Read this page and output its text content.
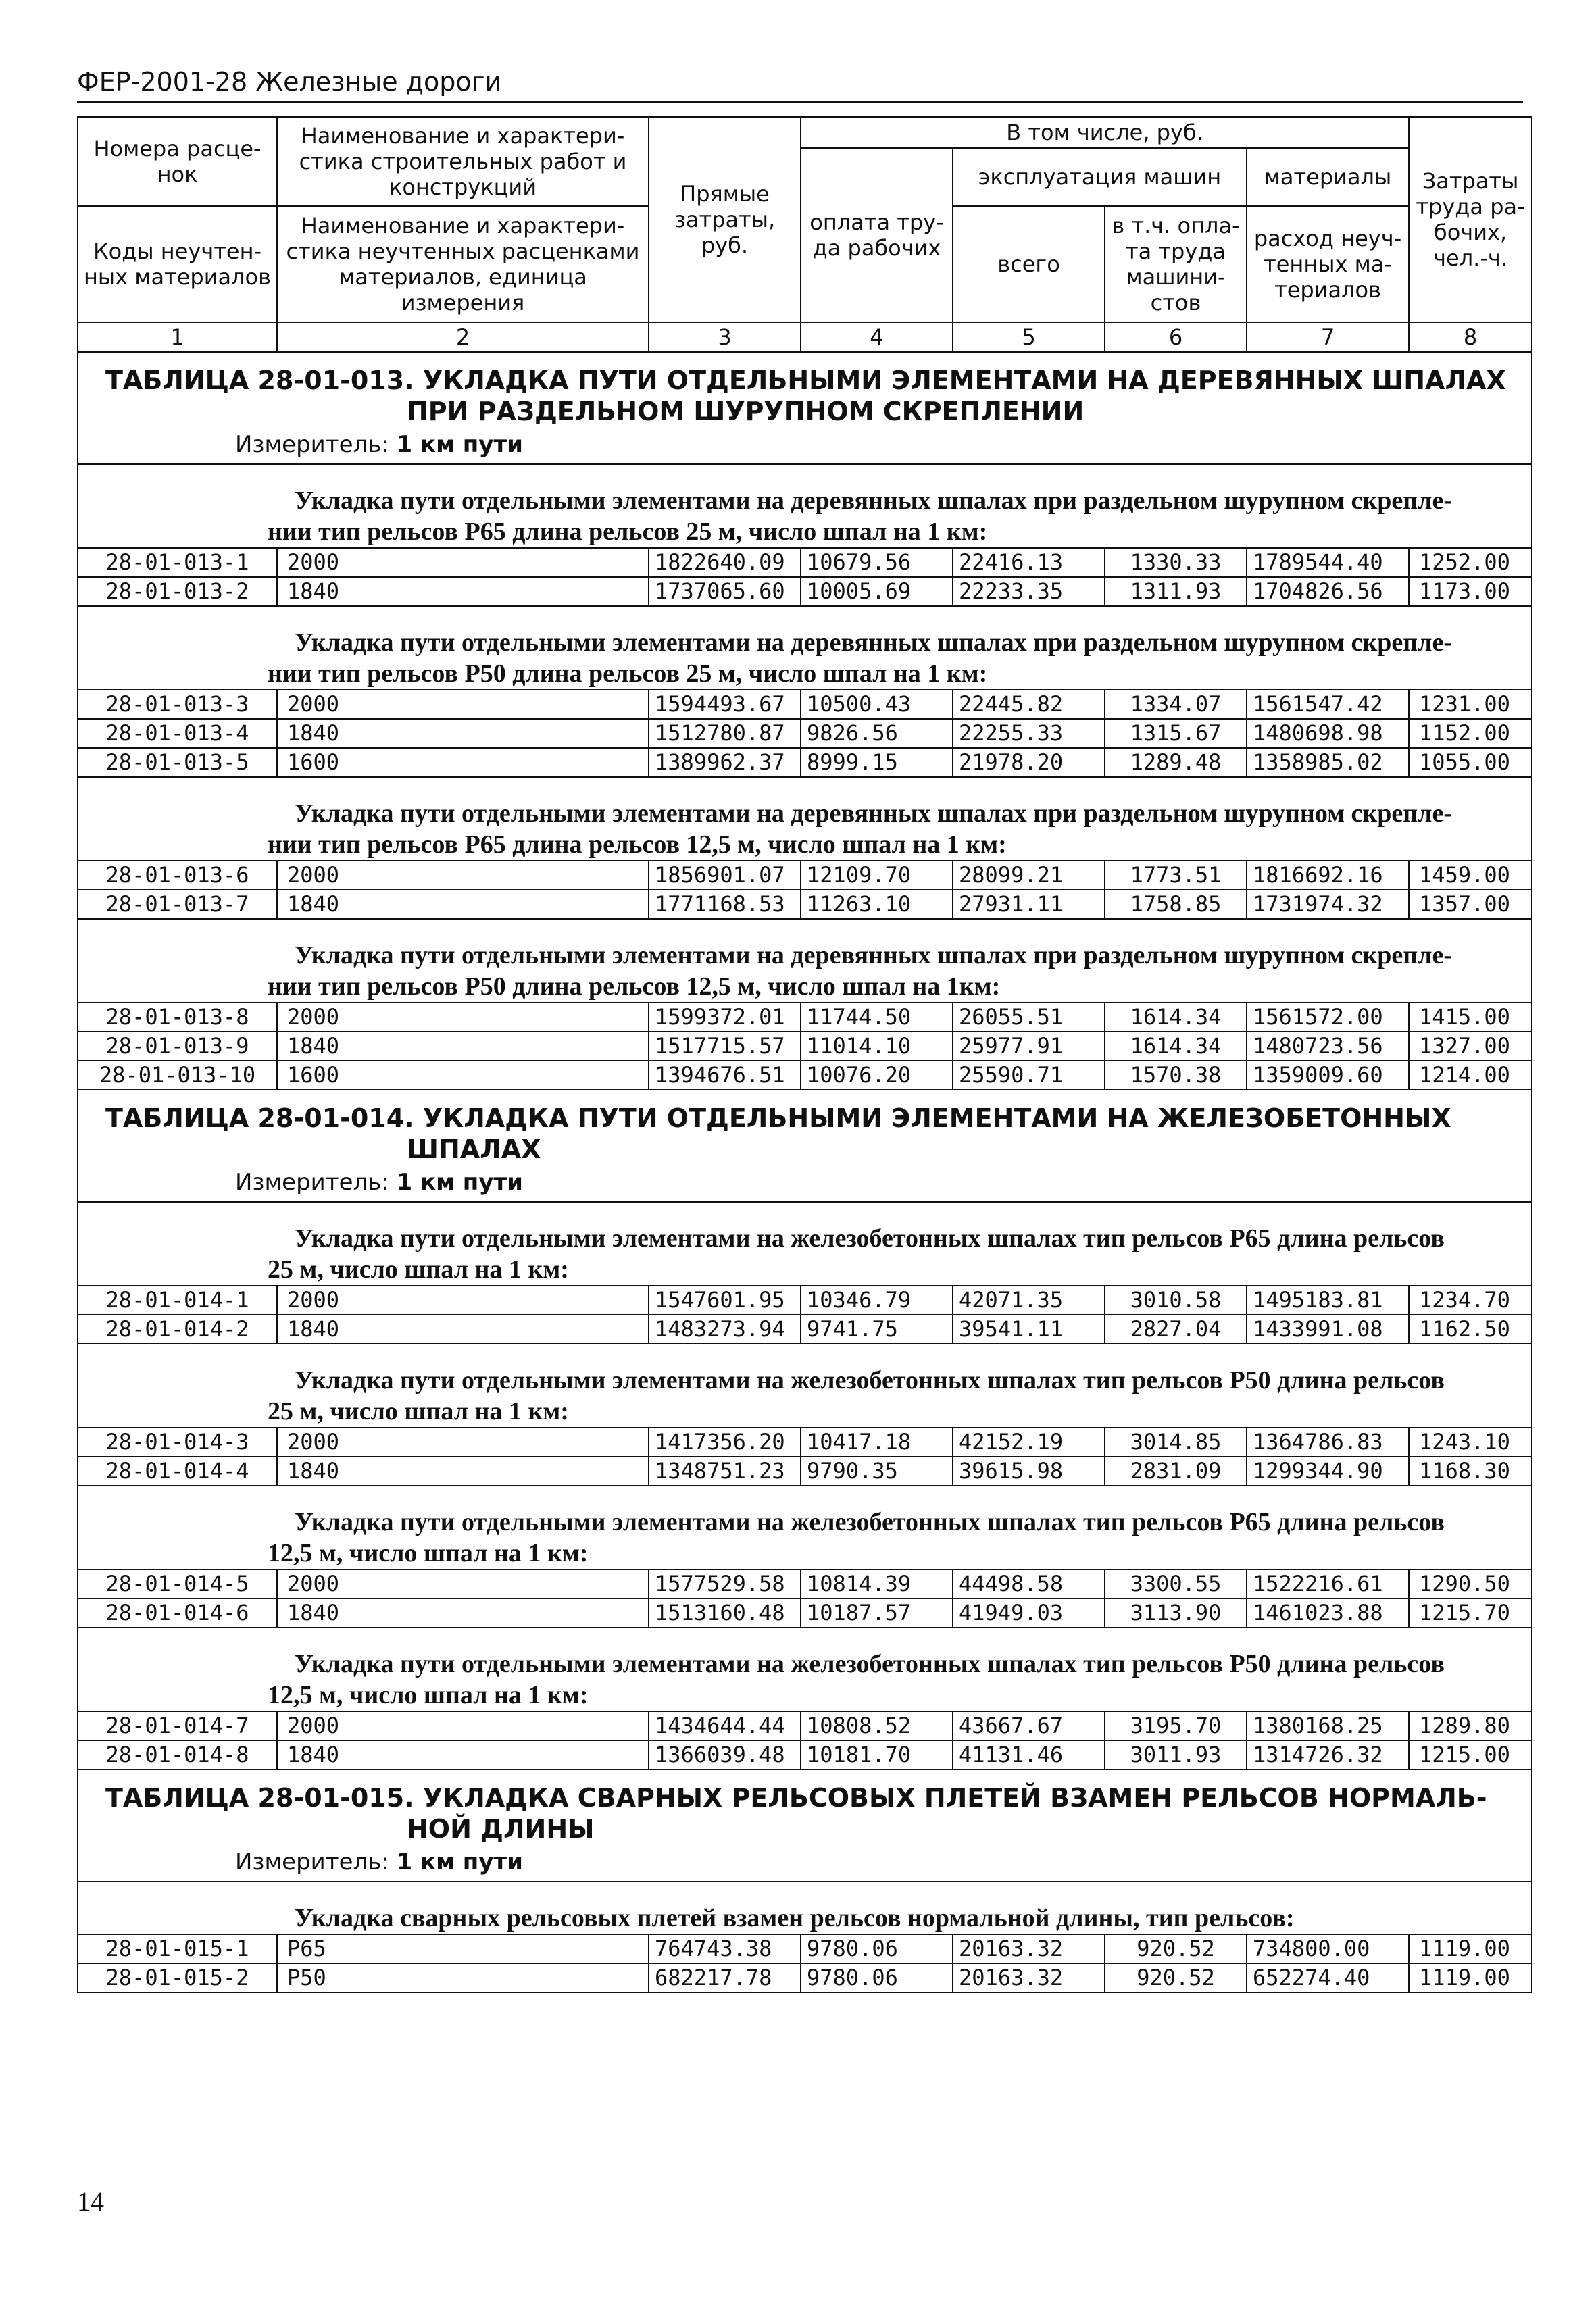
ФЕР-2001-28 Железные дороги
Номера расце-нок	Наименование и характери-стика строительных работ и конструкций	Прямые затраты, руб.	В том числе, руб.				Затраты труда ра-бочих, чел.-ч.
			оплата тру-да рабочих	эксплуатация машин		материалы	
Коды неучтен-ных материалов	Наименование и характери-стика неучтенных расценками материалов, единица измерения			всего	в т.ч. опла-та труда машини-стов	расход неуч-тенных ма-териалов	

1	2	3	4	5	6	7	8
ТАБЛИЦА 28-01-013. УКЛАДКА ПУТИ ОТДЕЛЬНЫМИ ЭЛЕМЕНТАМИ НА ДЕРЕВЯННЫХ ШПАЛАХ
ПРИ РАЗДЕЛЬНОМ ШУРУПНОМ СКРЕПЛЕНИИ							

Измеритель: 1 км пути							
Укладка пути отдельными элементами на деревянных шпалах при раздельном шурупном скрепле-
нии тип рельсов Р65 длина рельсов 25 м, число шпал на 1 км:							

28-01-013-1	2000	1822640.09	10679.56	22416.13	1330.33	1789544.40	1252.00
28-01-013-2	1840	1737065.60	10005.69	22233.35	1311.93	1704826.56	1173.00
Укладка пути отдельными элементами на деревянных шпалах при раздельном шурупном скрепле-
нии тип рельсов Р50 длина рельсов 25 м, число шпал на 1 км:							

28-01-013-3	2000	1594493.67	10500.43	22445.82	1334.07	1561547.42	1231.00
28-01-013-4	1840	1512780.87	9826.56	22255.33	1315.67	1480698.98	1152.00
28-01-013-5	1600	1389962.37	8999.15	21978.20	1289.48	1358985.02	1055.00
Укладка пути отдельными элементами на деревянных шпалах при раздельном шурупном скрепле-
нии тип рельсов Р65 длина рельсов 12,5 м, число шпал на 1 км:							

28-01-013-6	2000	1856901.07	12109.70	28099.21	1773.51	1816692.16	1459.00
28-01-013-7	1840	1771168.53	11263.10	27931.11	1758.85	1731974.32	1357.00
Укладка пути отдельными элементами на деревянных шпалах при раздельном шурупном скрепле-
нии тип рельсов Р50 длина рельсов 12,5 м, число шпал на 1км:							

28-01-013-8	2000	1599372.01	11744.50	26055.51	1614.34	1561572.00	1415.00
28-01-013-9	1840	1517715.57	11014.10	25977.91	1614.34	1480723.56	1327.00
28-01-013-10	1600	1394676.51	10076.20	25590.71	1570.38	1359009.60	1214.00
ТАБЛИЦА 28-01-014. УКЛАДКА ПУТИ ОТДЕЛЬНЫМИ ЭЛЕМЕНТАМИ НА ЖЕЛЕЗОБЕТОННЫХ
ШПАЛАХ							

Измеритель: 1 км пути							
Укладка пути отдельными элементами на железобетонных шпалах тип рельсов Р65 длина рельсов
25 м, число шпал на 1 км:							

28-01-014-1	2000	1547601.95	10346.79	42071.35	3010.58	1495183.81	1234.70
28-01-014-2	1840	1483273.94	9741.75	39541.11	2827.04	1433991.08	1162.50
Укладка пути отдельными элементами на железобетонных шпалах тип рельсов Р50 длина рельсов
25 м, число шпал на 1 км:							

28-01-014-3	2000	1417356.20	10417.18	42152.19	3014.85	1364786.83	1243.10
28-01-014-4	1840	1348751.23	9790.35	39615.98	2831.09	1299344.90	1168.30
Укладка пути отдельными элементами на железобетонных шпалах тип рельсов Р65 длина рельсов
12,5 м, число шпал на 1 км:							

28-01-014-5	2000	1577529.58	10814.39	44498.58	3300.55	1522216.61	1290.50
28-01-014-6	1840	1513160.48	10187.57	41949.03	3113.90	1461023.88	1215.70
Укладка пути отдельными элементами на железобетонных шпалах тип рельсов Р50 длина рельсов
12,5 м, число шпал на 1 км:							

28-01-014-7	2000	1434644.44	10808.52	43667.67	3195.70	1380168.25	1289.80
28-01-014-8	1840	1366039.48	10181.70	41131.46	3011.93	1314726.32	1215.00
ТАБЛИЦА 28-01-015. УКЛАДКА СВАРНЫХ РЕЛЬСОВЫХ ПЛЕТЕЙ ВЗАМЕН РЕЛЬСОВ НОРМАЛЬ-
НОЙ ДЛИНЫ							

Измеритель: 1 км пути							
Укладка сварных рельсовых плетей взамен рельсов нормальной длины, тип рельсов:							
28-01-015-1	Р65	764743.38	9780.06	20163.32	920.52	734800.00	1119.00
28-01-015-2	Р50	682217.78	9780.06	20163.32	920.52	652274.40	1119.00
14
